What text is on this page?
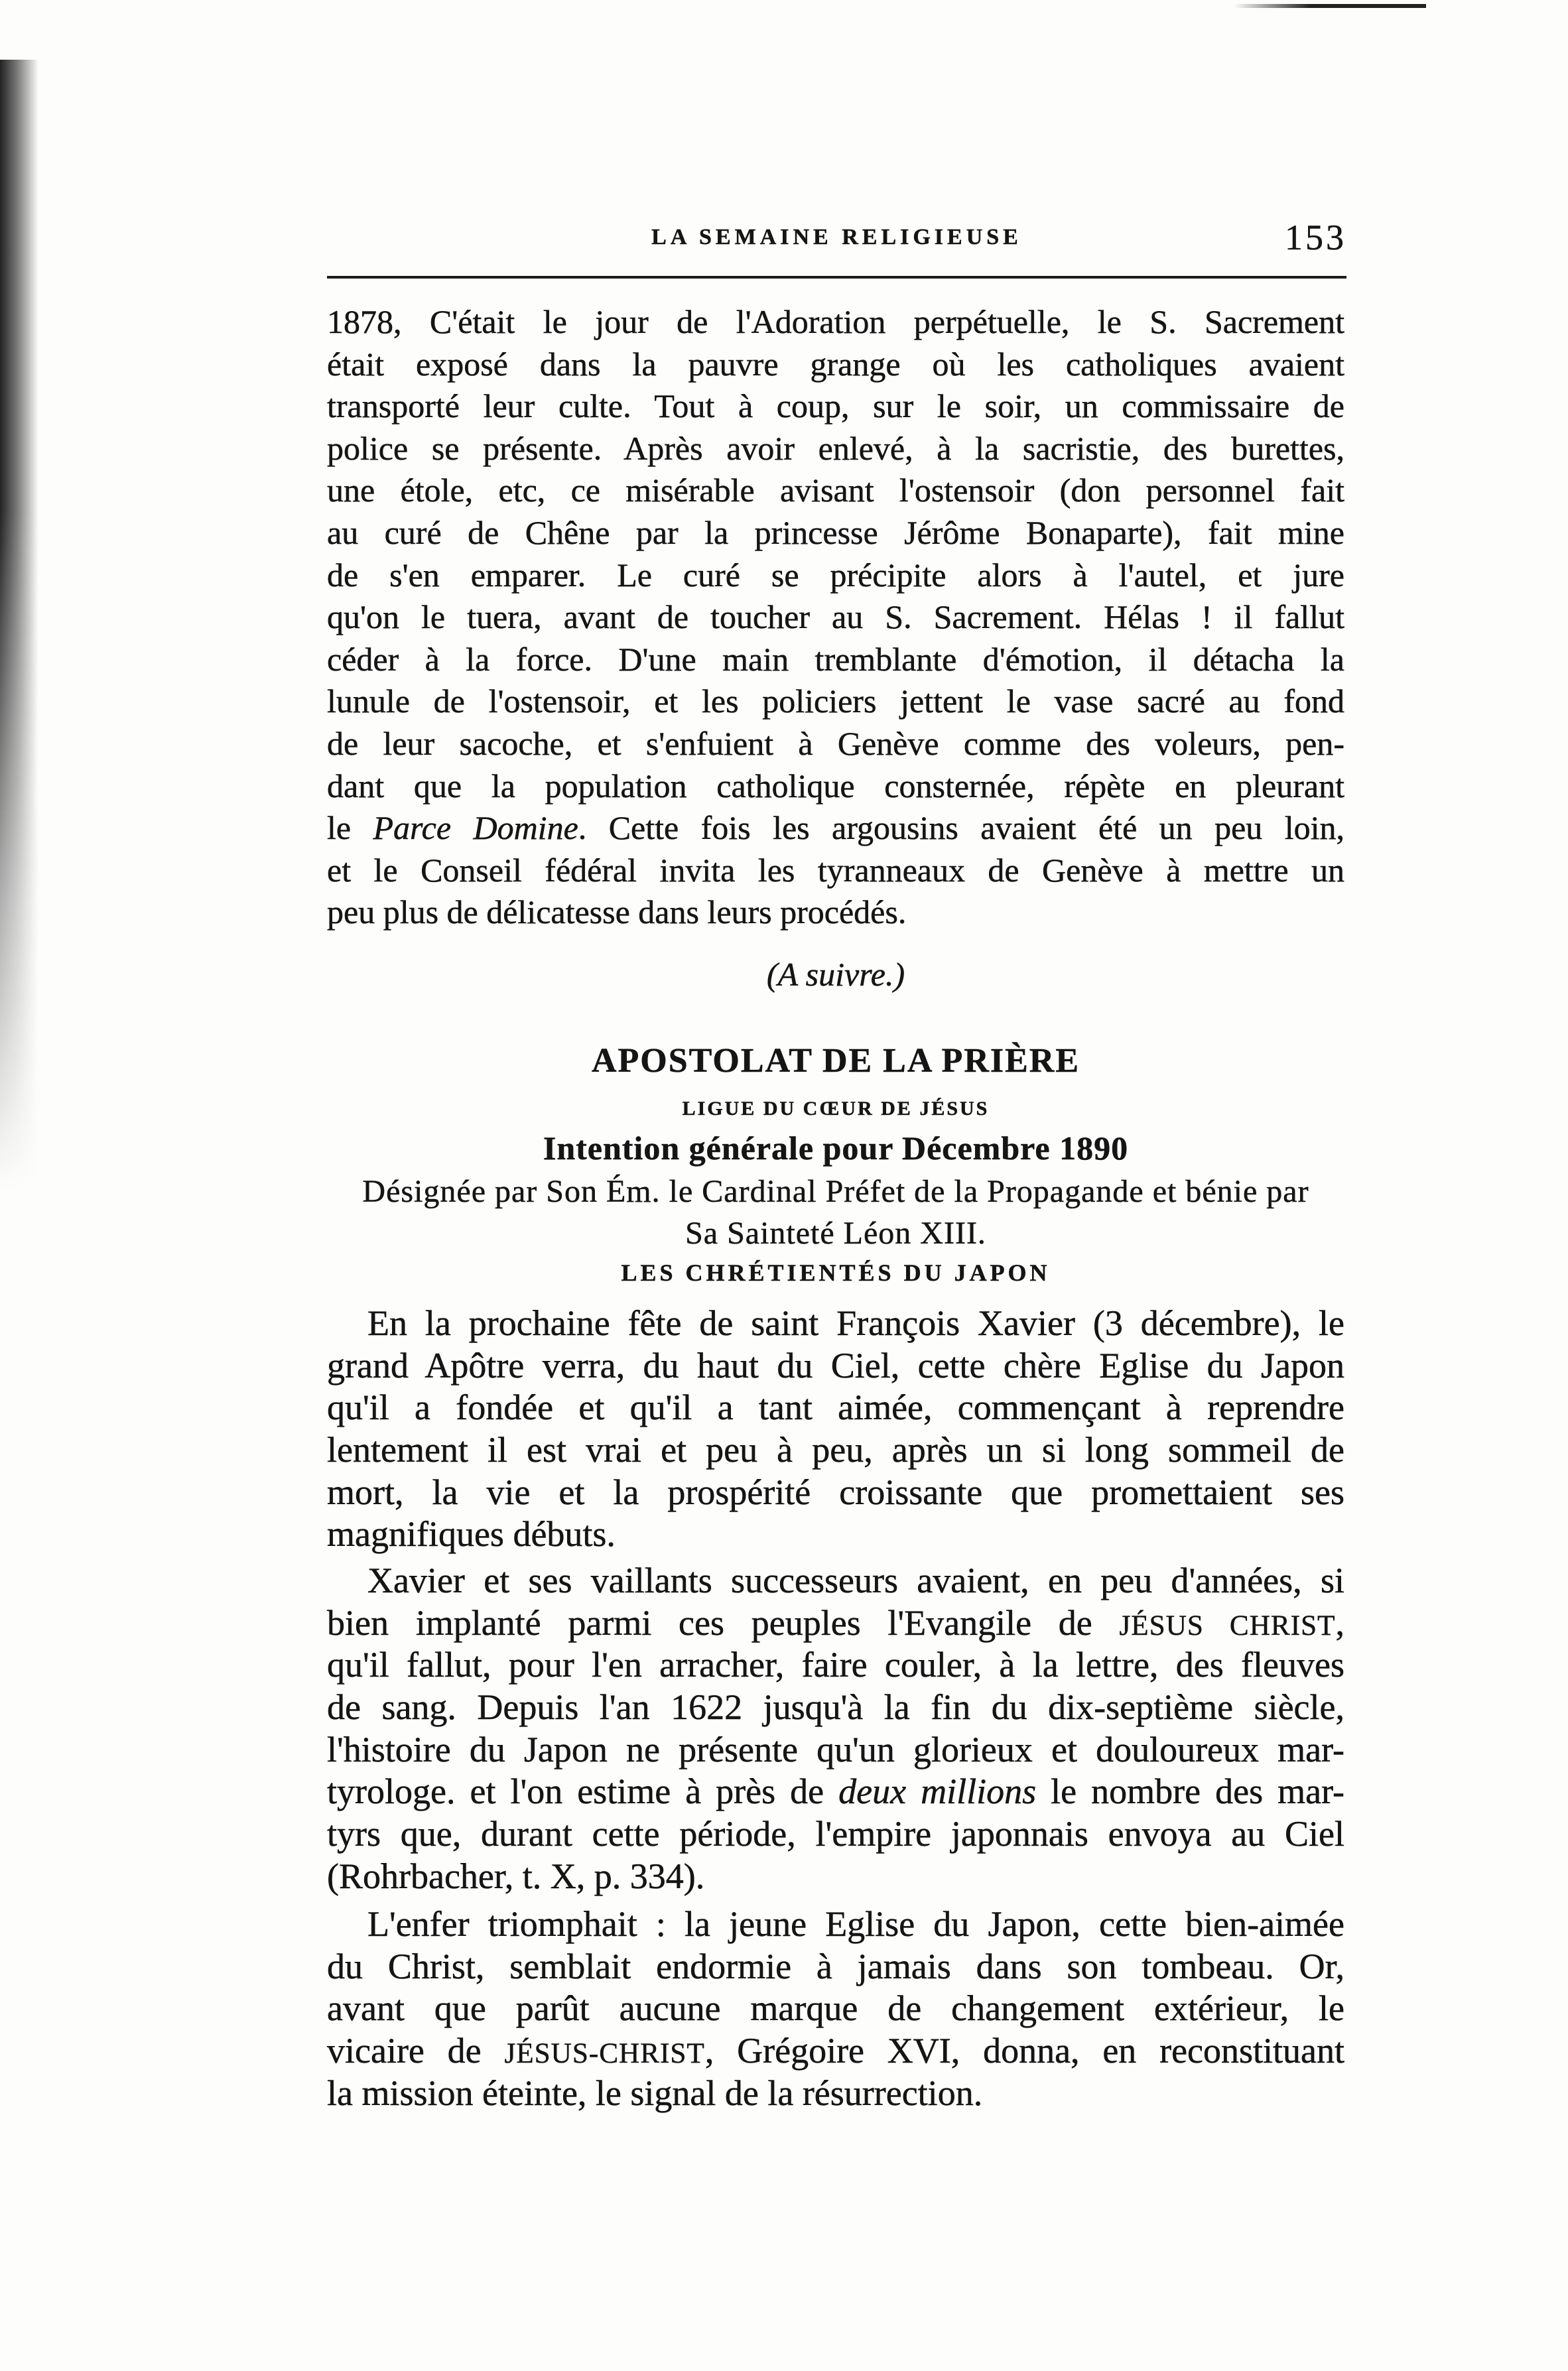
LA SEMAINE RELIGIEUSE	153
1878, C'était le jour de l'Adoration perpétuelle, le S. Sacrement
était exposé dans la pauvre grange où les catholiques avaient
transporté leur culte. Tout à coup, sur le soir, un commissaire de
police se présente. Après avoir enlevé, à la sacristie, des burettes,
une étole, etc, ce misérable avisant l'ostensoir (don personnel fait
au curé de Chêne par la princesse Jérôme Bonaparte), fait mine
de s'en emparer. Le curé se précipite alors à l'autel, et jure
qu'on le tuera, avant de toucher au S. Sacrement. Hélas ! il fallut
céder à la force. D'une main tremblante d'émotion, il détacha la
lunule de l'ostensoir, et les policiers jettent le vase sacré au fond
de leur sacoche, et s'enfuient à Genève comme des voleurs, pen-
dant que la population catholique consternée, répète en pleurant
le Parce Domine. Cette fois les argousins avaient été un peu loin,
et le Conseil fédéral invita les tyranneaux de Genève à mettre un
peu plus de délicatesse dans leurs procédés.
(A suivre.)
APOSTOLAT DE LA PRIÈRE
LIGUE DU CŒUR DE JÉSUS
Intention générale pour Décembre 1890
Désignée par Son Ém. le Cardinal Préfet de la Propagande et bénie par
Sa Sainteté Léon XIII.
LES CHRÉTIENTÉS DU JAPON
En la prochaine fête de saint François Xavier (3 décembre), le
grand Apôtre verra, du haut du Ciel, cette chère Eglise du Japon
qu'il a fondée et qu'il a tant aimée, commençant à reprendre
lentement il est vrai et peu à peu, après un si long sommeil de
mort, la vie et la prospérité croissante que promettaient ses
magnifiques débuts.
Xavier et ses vaillants successeurs avaient, en peu d'années, si
bien implanté parmi ces peuples l'Evangile de JÉSUS CHRIST,
qu'il fallut, pour l'en arracher, faire couler, à la lettre, des fleuves
de sang. Depuis l'an 1622 jusqu'à la fin du dix-septième siècle,
l'histoire du Japon ne présente qu'un glorieux et douloureux mar-
tyrologe. et l'on estime à près de deux millions le nombre des mar-
tyrs que, durant cette période, l'empire japonnais envoya au Ciel
(Rohrbacher, t. X, p. 334).
L'enfer triomphait : la jeune Eglise du Japon, cette bien-aimée
du Christ, semblait endormie à jamais dans son tombeau. Or,
avant que parût aucune marque de changement extérieur, le
vicaire de JÉSUS-CHRIST, Grégoire XVI, donna, en reconstituant
la mission éteinte, le signal de la résurrection.
